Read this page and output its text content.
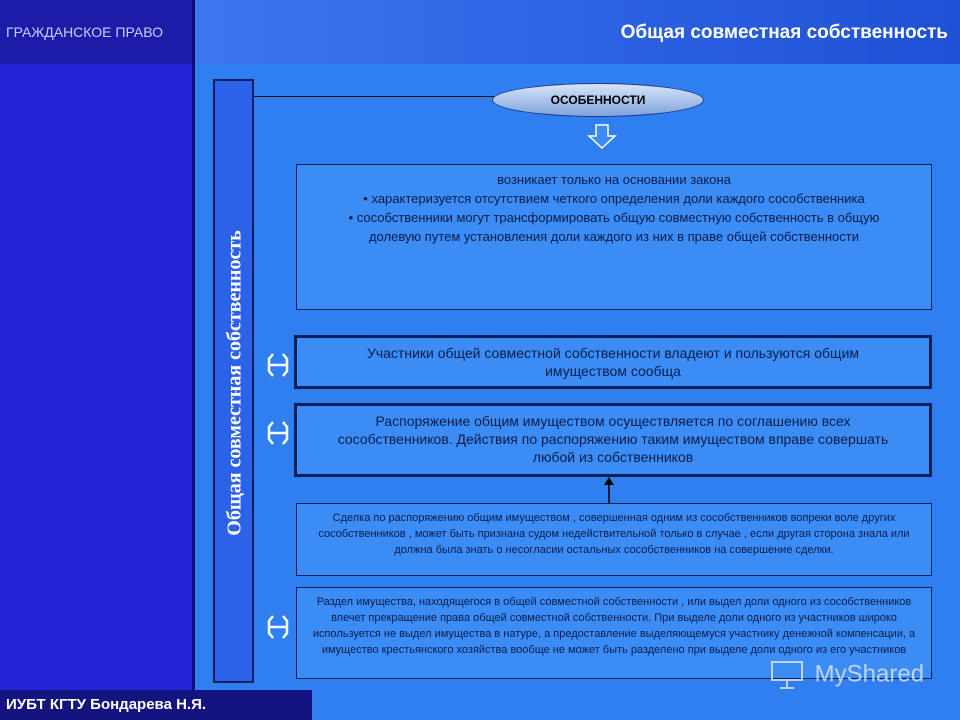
ГРАЖДАНСКОЕ ПРАВО	Общая совместная собственность
Общая совместная собственность
ОСОБЕННОСТИ
возникает только на основании закона
• характеризуется отсутствием четкого определения доли каждого сособственника
• сособственники могут трансформировать общую совместную собственность в общую долевую путем установления доли каждого из них в праве общей собственности
Участники общей совместной собственности владеют и пользуются общим имуществом сообща
Распоряжение общим имуществом осуществляется по соглашению всех сособственников. Действия по распоряжению таким имуществом вправе совершать любой из собственников
Сделка по распоряжению общим имуществом , совершенная одним из сособственников вопреки воле других сособственников , может быть признана судом недействительной только в случае , если другая сторона знала или должна была знать о несогласии остальных сособственников на совершение сделки.
Раздел имущества, находящегося в общей совместной собственности , или выдел доли одного из сособственников влечет прекращение права общей совместной собственности. При выделе доли одного из участников широко используется не выдел имущества в натуре, а предоставление выделяющемуся участнику денежной компенсации, а имущество крестьянского хозяйства вообще не может быть разделено при выделе доли одного из его участников
ИУБТ КГТУ Бондарева Н.Я.
MyShared
